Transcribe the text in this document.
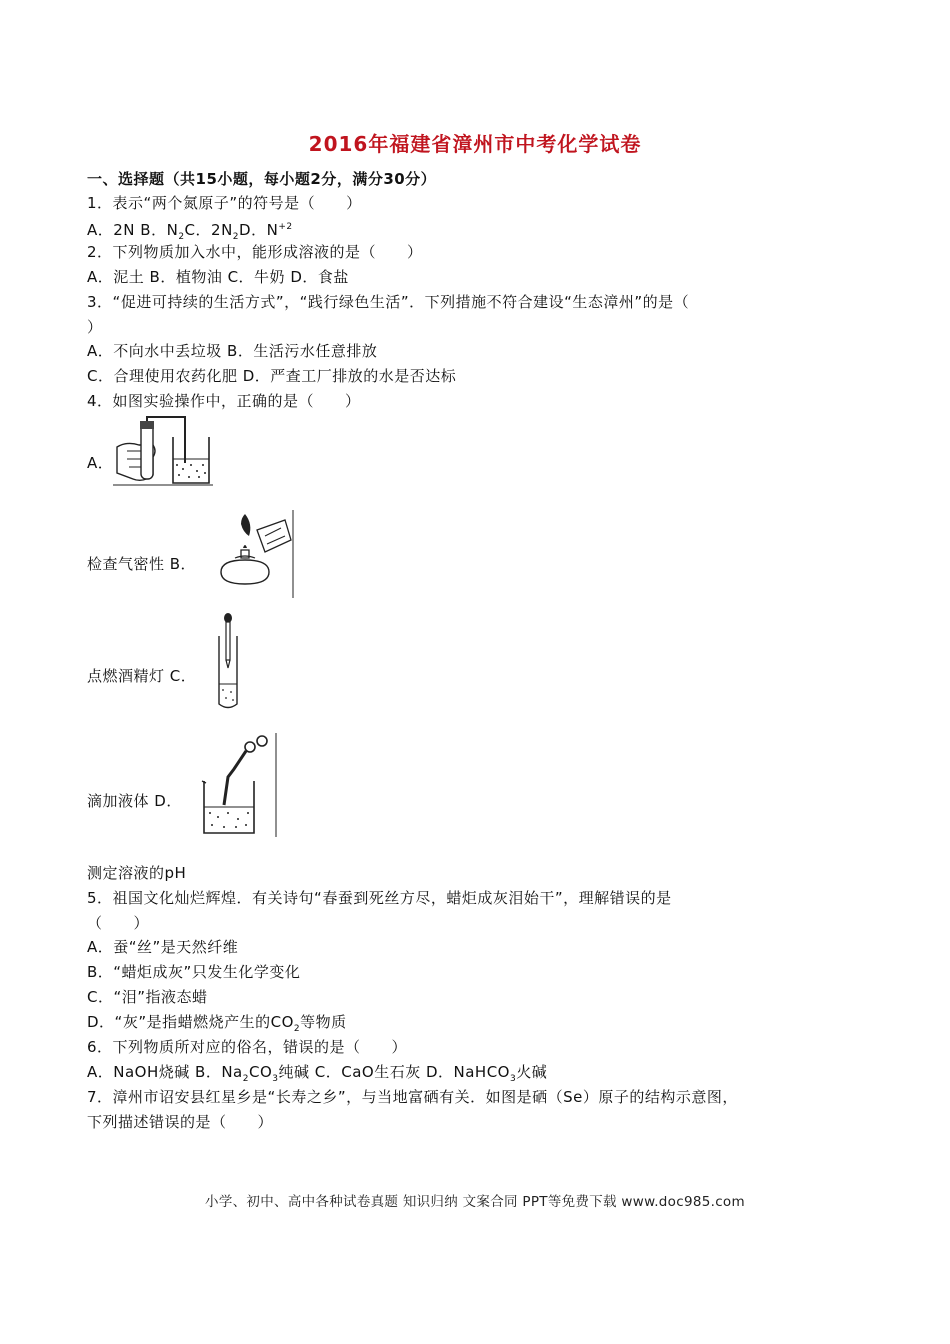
2016年福建省漳州市中考化学试卷
一、选择题（共15小题，每小题2分，满分30分）
1．表示“两个氮原子”的符号是（　　）
A．2N B．$N_2C$．$2N_2D$．$N^{+2}$
2．下列物质加入水中，能形成溶液的是（　　）
A．泥土 B．植物油 C．牛奶 D．食盐
3．“促进可持续的生活方式”，“践行绿色生活”．下列措施不符合建设“生态漳州”的是（
）
A．不向水中丢垃圾 B．生活污水任意排放
C．合理使用农药化肥 D．严查工厂排放的水是否达标
4．如图实验操作中，正确的是（　　）
A．
检查气密性 B．
点燃酒精灯 C．
滴加液体 D．
测定溶液的pH
5．祖国文化灿烂辉煌．有关诗句“春蚕到死丝方尽，蜡炬成灰泪始干”，理解错误的是
（　　）
A．蚕“丝”是天然纤维
B．“蜡炬成灰”只发生化学变化
C．“泪”指液态蜡
D．“灰”是指蜡燃烧产生的$CO_2$等物质
6．下列物质所对应的俗名，错误的是（　　）
A．NaOH烧碱 B．$Na_2CO_3$纯碱 C．CaO生石灰 D．NaHCO$_3$火碱
7．漳州市诏安县红星乡是“长寿之乡”，与当地富硒有关．如图是硒（Se）原子的结构示意图，
下列描述错误的是（　　）
小学、初中、高中各种试卷真题 知识归纳 文案合同 PPT等免费下载 www.doc985.com
